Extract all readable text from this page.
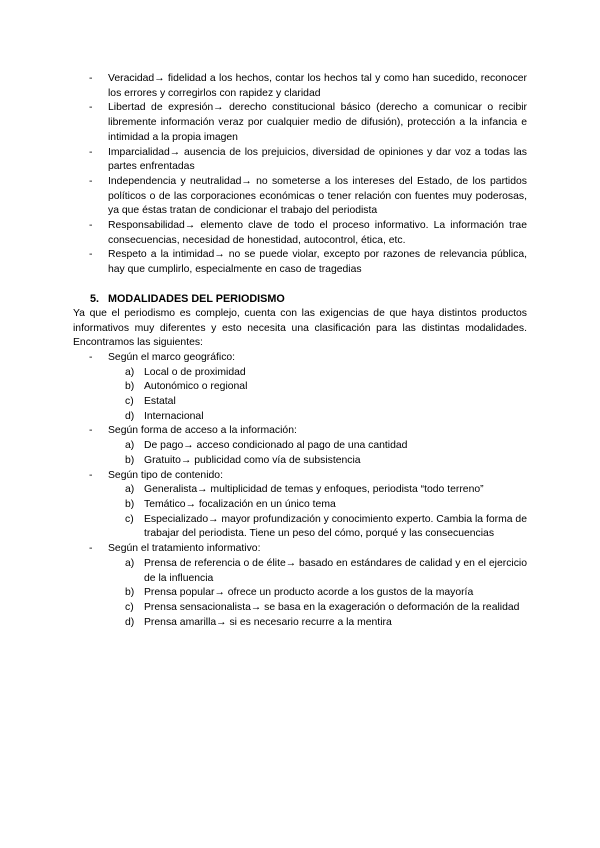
- Veracidad→ fidelidad a los hechos, contar los hechos tal y como han sucedido, reconocer los errores y corregirlos con rapidez y claridad
- Libertad de expresión→ derecho constitucional básico (derecho a comunicar o recibir libremente información veraz por cualquier medio de difusión), protección a la infancia e intimidad a la propia imagen
- Imparcialidad→ ausencia de los prejuicios, diversidad de opiniones y dar voz a todas las partes enfrentadas
- Independencia y neutralidad→ no someterse a los intereses del Estado, de los partidos políticos o de las corporaciones económicas o tener relación con fuentes muy poderosas, ya que éstas tratan de condicionar el trabajo del periodista
- Responsabilidad→ elemento clave de todo el proceso informativo. La información trae consecuencias, necesidad de honestidad, autocontrol, ética, etc.
- Respeto a la intimidad→ no se puede violar, excepto por razones de relevancia pública, hay que cumplirlo, especialmente en caso de tragedias
5. MODALIDADES DEL PERIODISMO
Ya que el periodismo es complejo, cuenta con las exigencias de que haya distintos productos informativos muy diferentes y esto necesita una clasificación para las distintas modalidades. Encontramos las siguientes:
- Según el marco geográfico:
a) Local o de proximidad
b) Autonómico o regional
c) Estatal
d) Internacional
- Según forma de acceso a la información:
a) De pago→ acceso condicionado al pago de una cantidad
b) Gratuito→ publicidad como vía de subsistencia
- Según tipo de contenido:
a) Generalista→ multiplicidad de temas y enfoques, periodista “todo terreno”
b) Temático→ focalización en un único tema
c) Especializado→ mayor profundización y conocimiento experto. Cambia la forma de trabajar del periodista. Tiene un peso del cómo, porqué y las consecuencias
- Según el tratamiento informativo:
a) Prensa de referencia o de élite→ basado en estándares de calidad y en el ejercicio de la influencia
b) Prensa popular→ ofrece un producto acorde a los gustos de la mayoría
c) Prensa sensacionalista→ se basa en la exageración o deformación de la realidad
d) Prensa amarilla→ si es necesario recurre a la mentira
